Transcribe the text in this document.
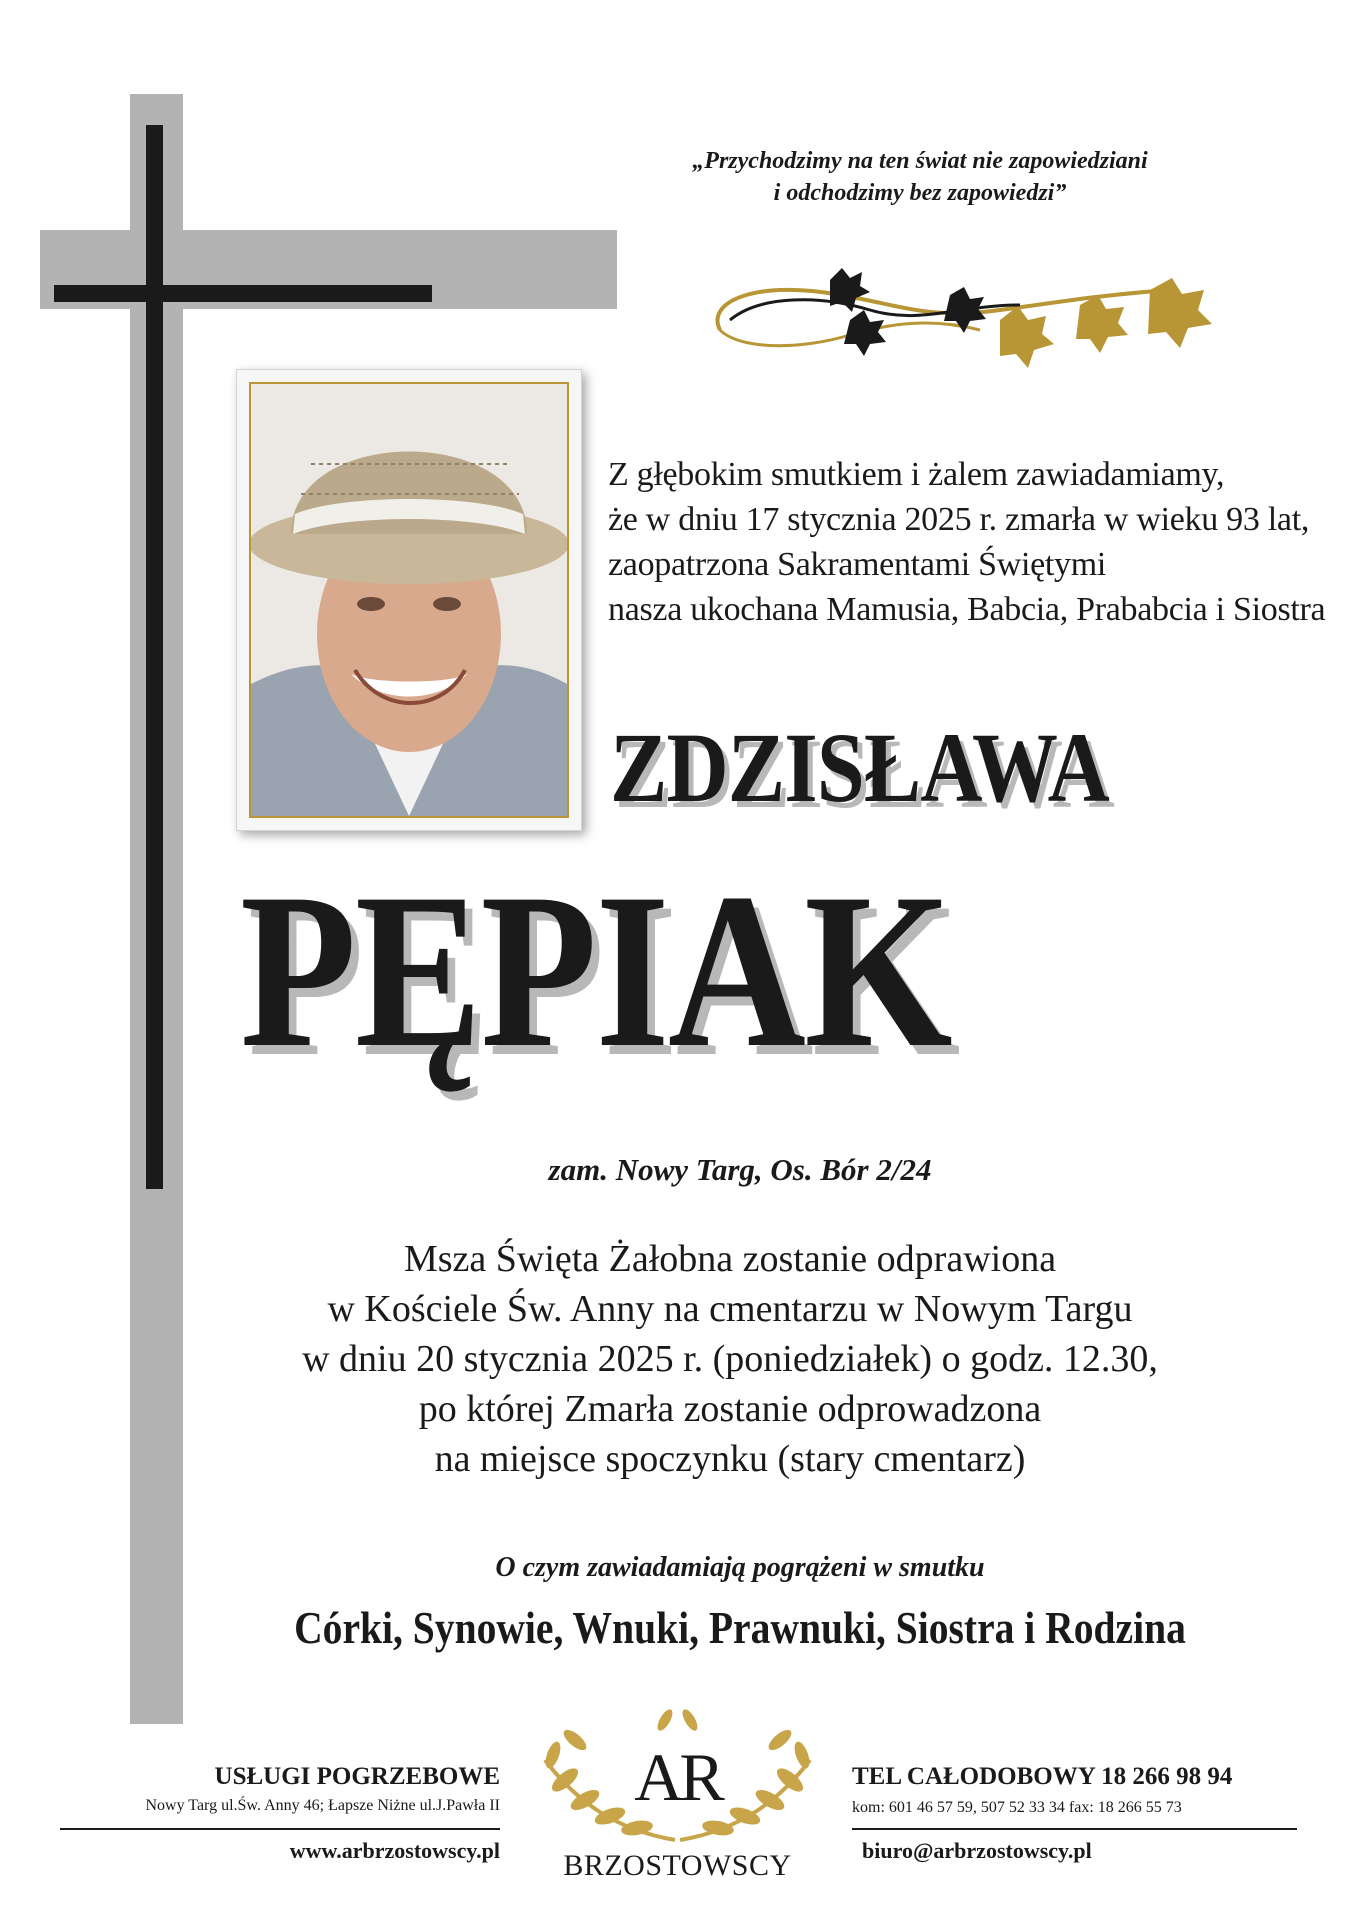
„Przychodzimy na ten świat nie zapowiedziani
i odchodzimy bez zapowiedzi”
Z głębokim smutkiem i żalem zawiadamiamy,
że w dniu 17 stycznia 2025 r. zmarła w wieku 93 lat,
zaopatrzona Sakramentami Świętymi
nasza ukochana Mamusia, Babcia, Prababcia i Siostra
ZDZISŁAWA
PĘPIAK
zam. Nowy Targ, Os. Bór 2/24
Msza Święta Żałobna zostanie odprawiona
w Kościele Św. Anny na cmentarzu w Nowym Targu
w dniu 20 stycznia 2025 r. (poniedziałek) o godz. 12.30,
po której Zmarła zostanie odprowadzona
na miejsce spoczynku (stary cmentarz)
O czym zawiadamiają pogrążeni w smutku
Córki, Synowie, Wnuki, Prawnuki, Siostra i Rodzina
USŁUGI POGRZEBOWE
Nowy Targ ul.Św. Anny 46; Łapsze Niżne ul.J.Pawła II
www.arbrzostowscy.pl
AR
BRZOSTOWSCY
TEL CAŁODOBOWY 18 266 98 94
kom: 601 46 57 59, 507 52 33 34 fax: 18 266 55 73
biuro@arbrzostowscy.pl
